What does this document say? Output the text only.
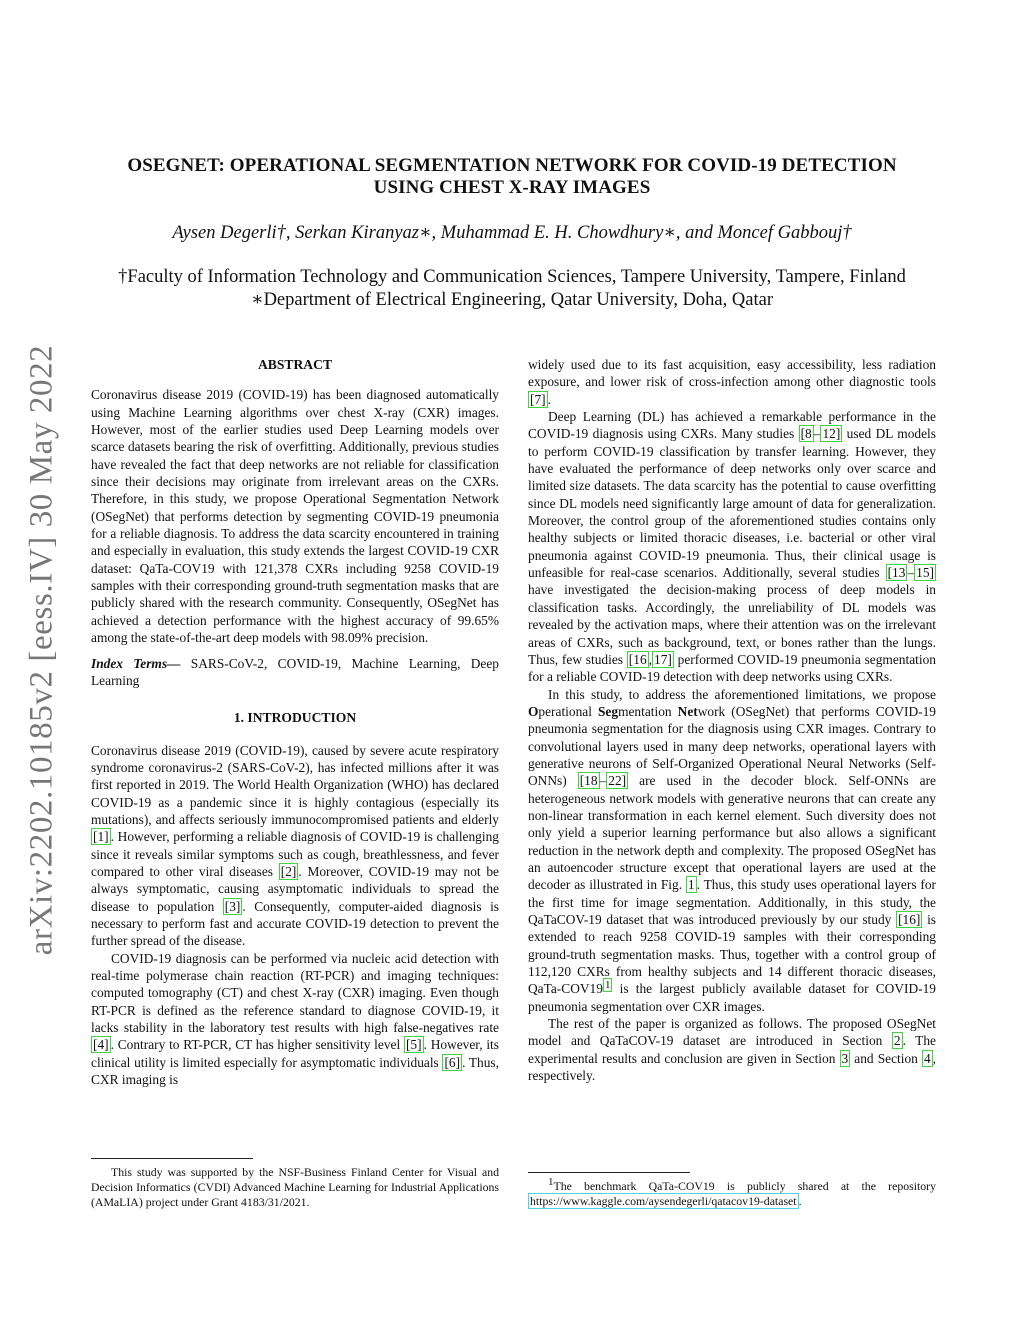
OSEGNET: OPERATIONAL SEGMENTATION NETWORK FOR COVID-19 DETECTION
USING CHEST X-RAY IMAGES
Aysen Degerli†, Serkan Kiranyaz∗, Muhammad E. H. Chowdhury∗, and Moncef Gabbouj†
†Faculty of Information Technology and Communication Sciences, Tampere University, Tampere, Finland
∗Department of Electrical Engineering, Qatar University, Doha, Qatar
arXiv:2202.10185v2 [eess.IV] 30 May 2022	ABSTRACT

Coronavirus disease 2019 (COVID-19) has been diagnosed automatically using Machine Learning algorithms over chest X-ray (CXR) images. However, most of the earlier studies used Deep Learning models over scarce datasets bearing the risk of overfitting. Additionally, previous studies have revealed the fact that deep networks are not reliable for classification since their decisions may originate from irrelevant areas on the CXRs. Therefore, in this study, we propose Operational Segmentation Network (OSegNet) that performs detection by segmenting COVID-19 pneumonia for a reliable diagnosis. To address the data scarcity encountered in training and especially in evaluation, this study extends the largest COVID-19 CXR dataset: QaTa-COV19 with 121,378 CXRs including 9258 COVID-19 samples with their corresponding ground-truth segmentation masks that are publicly shared with the research community. Consequently, OSegNet has achieved a detection performance with the highest accuracy of 99.65% among the state-of-the-art deep models with 98.09% precision.

Index Terms— SARS-CoV-2, COVID-19, Machine Learning, Deep Learning

1. INTRODUCTION

Coronavirus disease 2019 (COVID-19), caused by severe acute respiratory syndrome coronavirus-2 (SARS-CoV-2), has infected millions after it was first reported in 2019. The World Health Organization (WHO) has declared COVID-19 as a pandemic since it is highly contagious (especially its mutations), and affects seriously immunocompromised patients and elderly [1] . However, performing a reliable diagnosis of COVID-19 is challenging since it reveals similar symptoms such as cough, breathlessness, and fever compared to other viral diseases [2] . Moreover, COVID-19 may not be always symptomatic, causing asymptomatic individuals to spread the disease to population [3] . Consequently, computer-aided diagnosis is necessary to perform fast and accurate COVID-19 detection to prevent the further spread of the disease.

COVID-19 diagnosis can be performed via nucleic acid detection with real-time polymerase chain reaction (RT-PCR) and imaging techniques: computed tomography (CT) and chest X-ray (CXR) imaging. Even though RT-PCR is defined as the reference standard to diagnose COVID-19, it lacks stability in the laboratory test results with high false-negatives rate [4] . Contrary to RT-PCR, CT has higher sensitivity level [5] . However, its clinical utility is limited especially for asymptomatic individuals [6] . Thus, CXR imaging is

This study was supported by the NSF-Business Finland Center for Visual and Decision Informatics (CVDI) Advanced Machine Learning for Industrial Applications (AMaLIA) project under Grant 4183/31/2021.

widely used due to its fast acquisition, easy accessibility, less radiation exposure, and lower risk of cross-infection among other diagnostic tools [7] .

Deep Learning (DL) has achieved a remarkable performance in the COVID-19 diagnosis using CXRs. Many studies [8 – 12] used DL models to perform COVID-19 classification by transfer learning. However, they have evaluated the performance of deep networks only over scarce and limited size datasets. The data scarcity has the potential to cause overfitting since DL models need significantly large amount of data for generalization. Moreover, the control group of the aforementioned studies contains only healthy subjects or limited thoracic diseases, i.e. bacterial or other viral pneumonia against COVID-19 pneumonia. Thus, their clinical usage is unfeasible for real-case scenarios. Additionally, several studies [13 – 15] have investigated the decision-making process of deep models in classification tasks. Accordingly, the unreliability of DL models was revealed by the activation maps, where their attention was on the irrelevant areas of CXRs, such as background, text, or bones rather than the lungs. Thus, few studies [16 , 17] performed COVID-19 pneumonia segmentation for a reliable COVID-19 detection with deep networks using CXRs.

In this study, to address the aforementioned limitations, we propose Operational Segmentation Network (OSegNet) that performs COVID-19 pneumonia segmentation for the diagnosis using CXR images. Contrary to convolutional layers used in many deep networks, operational layers with generative neurons of Self-Organized Operational Neural Networks (Self-ONNs) [18 – 22] are used in the decoder block. Self-ONNs are heterogeneous network models with generative neurons that can create any non-linear transformation in each kernel element. Such diversity does not only yield a superior learning performance but also allows a significant reduction in the network depth and complexity. The proposed OSegNet has an autoencoder structure except that operational layers are used at the decoder as illustrated in Fig. 1 . Thus, this study uses operational layers for the first time for image segmentation. Additionally, in this study, the QaTaCOV-19 dataset that was introduced previously by our study [16] is extended to reach 9258 COVID-19 samples with their corresponding ground-truth segmentation masks. Thus, together with a control group of 112,120 CXRs from healthy subjects and 14 different thoracic diseases, QaTa-COV19 $^1$ is the largest publicly available dataset for COVID-19 pneumonia segmentation over CXR images.

The rest of the paper is organized as follows. The proposed OSegNet model and QaTaCOV-19 dataset are introduced in Section 2 . The experimental results and conclusion are given in Section 3 and Section 4 , respectively.

$^1$The benchmark QaTa-COV19 is publicly shared at the repository https://www.kaggle.com/aysendegerli/qatacov19-dataset .
